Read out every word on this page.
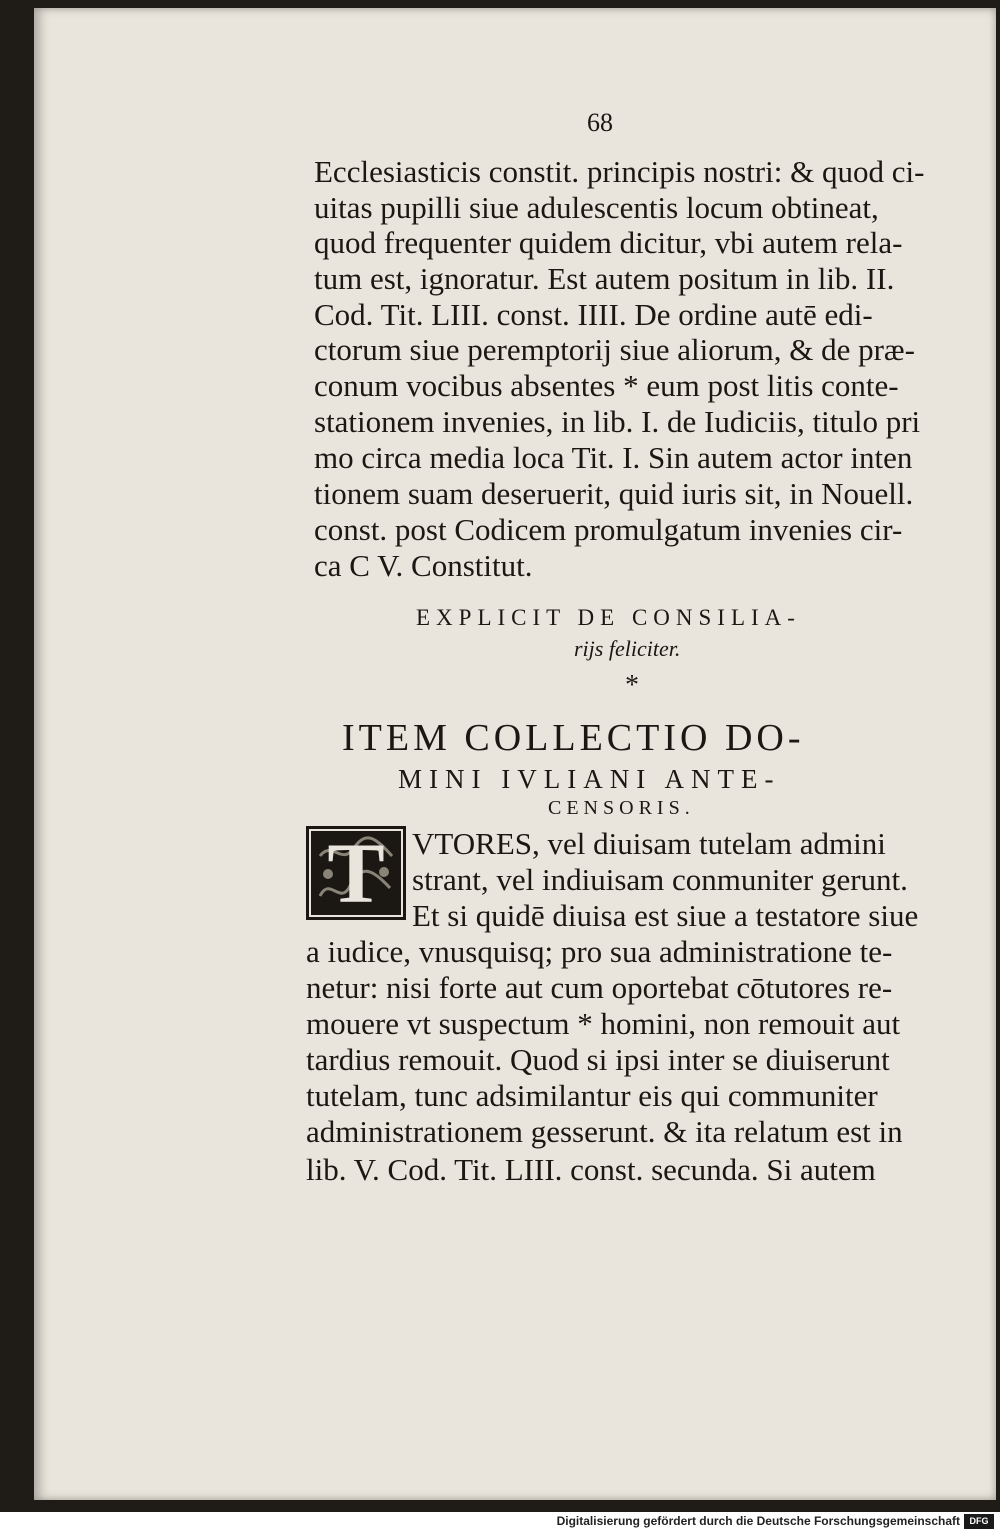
68
Ecclesiasticis constit. principis nostri: & quod ci-
uitas pupilli siue adulescentis locum obtineat,
quod frequenter quidem dicitur, vbi autem rela-
tum est, ignoratur. Est autem positum in lib. II.
Cod. Tit. LIII. const. IIII. De ordine autē edi-
ctorum siue peremptorij siue aliorum, & de præ-
conum vocibus absentes * eum post litis conte-
stationem invenies, in lib. I. de Iudiciis, titulo pri
mo circa media loca Tit. I. Sin autem actor inten
tionem suam deseruerit, quid iuris sit, in Nouell.
const. post Codicem promulgatum invenies cir-
ca C V. Constitut.
EXPLICIT DE CONSILIA-
rijs feliciter.
*
ITEM COLLECTIO DO-
MINI IVLIANI ANTE-
CENSORIS.
T VTORES, vel diuisam tutelam admini
strant, vel indiuisam conmuniter gerunt.
Et si quidē diuisa est siue a testatore siue
a iudice, vnusquisq; pro sua administratione te-
netur: nisi forte aut cum oportebat cōtutores re-
mouere vt suspectum * homini, non remouit aut
tardius remouit. Quod si ipsi inter se diuiserunt
tutelam, tunc adsimilantur eis qui communiter
administrationem gesserunt. & ita relatum est in
lib. V. Cod. Tit. LIII. const. secunda. Si autem
Digitalisierung gefördert durch die Deutsche Forschungsgemeinschaft	DFG
